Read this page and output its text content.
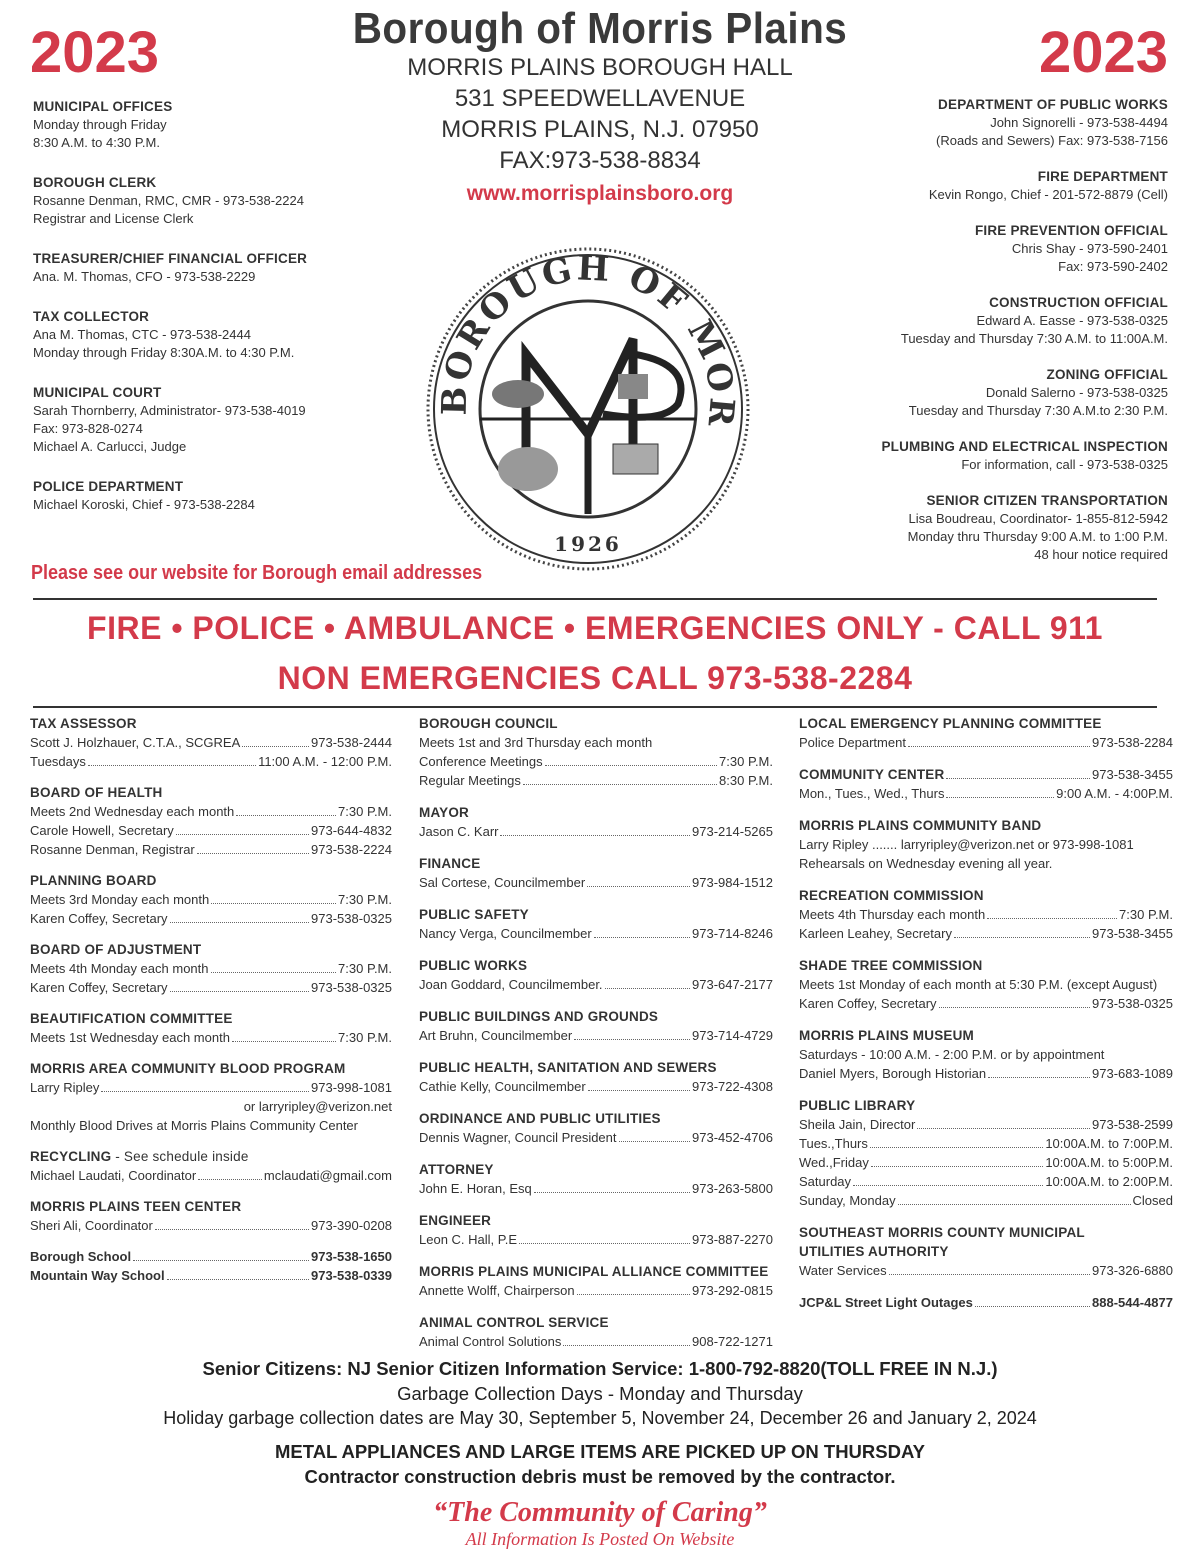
2023	2023
Borough of Morris Plains
MORRIS PLAINS BOROUGH HALL
531 SPEEDWELLAVENUE
MORRIS PLAINS, N.J. 07950
FAX:973-538-8834
www.morrisplainsboro.org
BOROUGH OF MOR
1926
MUNICIPAL OFFICES
Monday through Friday
8:30 A.M. to 4:30 P.M.
BOROUGH CLERK
Rosanne Denman, RMC, CMR - 973-538-2224
Registrar and License Clerk
TREASURER/CHIEF FINANCIAL OFFICER
Ana. M. Thomas, CFO - 973-538-2229
TAX COLLECTOR
Ana M. Thomas, CTC - 973-538-2444
Monday through Friday 8:30A.M. to 4:30 P.M.
MUNICIPAL COURT
Sarah Thornberry, Administrator- 973-538-4019
Fax: 973-828-0274
Michael A. Carlucci, Judge
POLICE DEPARTMENT
Michael Koroski, Chief - 973-538-2284
Please see our website for Borough email addresses
DEPARTMENT OF PUBLIC WORKS
John Signorelli - 973-538-4494
(Roads and Sewers) Fax: 973-538-7156
FIRE DEPARTMENT
Kevin Rongo, Chief - 201-572-8879 (Cell)
FIRE PREVENTION OFFICIAL
Chris Shay - 973-590-2401
Fax: 973-590-2402
CONSTRUCTION OFFICIAL
Edward A. Easse - 973-538-0325
Tuesday and Thursday 7:30 A.M. to 11:00A.M.
ZONING OFFICIAL
Donald Salerno - 973-538-0325
Tuesday and Thursday 7:30 A.M.to 2:30 P.M.
PLUMBING AND ELECTRICAL INSPECTION
For information, call - 973-538-0325
SENIOR CITIZEN TRANSPORTATION
Lisa Boudreau, Coordinator- 1-855-812-5942
Monday thru Thursday 9:00 A.M. to 1:00 P.M.
48 hour notice required
FIRE • POLICE • AMBULANCE • EMERGENCIES ONLY - CALL 911
NON EMERGENCIES CALL 973-538-2284
TAX ASSESSOR
Scott J. Holzhauer, C.T.A., SCGREA	973-538-2444
Tuesdays	11:00 A.M. - 12:00 P.M.
BOARD OF HEALTH
Meets 2nd Wednesday each month	7:30 P.M.
Carole Howell, Secretary	973-644-4832
Rosanne Denman, Registrar	973-538-2224
PLANNING BOARD
Meets 3rd Monday each month	7:30 P.M.
Karen Coffey, Secretary	973-538-0325
BOARD OF ADJUSTMENT
Meets 4th Monday each month	7:30 P.M.
Karen Coffey, Secretary	973-538-0325
BEAUTIFICATION COMMITTEE
Meets 1st Wednesday each month	7:30 P.M.
MORRIS AREA COMMUNITY BLOOD PROGRAM
Larry Ripley	973-998-1081
or larryripley@verizon.net
Monthly Blood Drives at Morris Plains Community Center
RECYCLING - See schedule inside
Michael Laudati, Coordinator	mclaudati@gmail.com
MORRIS PLAINS TEEN CENTER
Sheri Ali, Coordinator	973-390-0208
Borough School	973-538-1650
Mountain Way School	973-538-0339
BOROUGH COUNCIL
Meets 1st and 3rd Thursday each month
Conference Meetings	7:30 P.M.
Regular Meetings	8:30 P.M.
MAYOR
Jason C. Karr	973-214-5265
FINANCE
Sal Cortese, Councilmember	973-984-1512
PUBLIC SAFETY
Nancy Verga, Councilmember	973-714-8246
PUBLIC WORKS
Joan Goddard, Councilmember.	973-647-2177
PUBLIC BUILDINGS AND GROUNDS
Art Bruhn, Councilmember	973-714-4729
PUBLIC HEALTH, SANITATION AND SEWERS
Cathie Kelly, Councilmember	973-722-4308
ORDINANCE AND PUBLIC UTILITIES
Dennis Wagner, Council President	973-452-4706
ATTORNEY
John E. Horan, Esq	973-263-5800
ENGINEER
Leon C. Hall, P.E	973-887-2270
MORRIS PLAINS MUNICIPAL ALLIANCE COMMITTEE
Annette Wolff, Chairperson	973-292-0815
ANIMAL CONTROL SERVICE
Animal Control Solutions	908-722-1271
LOCAL EMERGENCY PLANNING COMMITTEE
Police Department	973-538-2284
COMMUNITY CENTER	973-538-3455
Mon., Tues., Wed., Thurs	9:00 A.M. - 4:00P.M.
MORRIS PLAINS COMMUNITY BAND
Larry Ripley ....... larryripley@verizon.net or 973-998-1081
Rehearsals on Wednesday evening all year.
RECREATION COMMISSION
Meets 4th Thursday each month	7:30 P.M.
Karleen Leahey, Secretary	973-538-3455
SHADE TREE COMMISSION
Meets 1st Monday of each month at 5:30 P.M. (except August)
Karen Coffey, Secretary	973-538-0325
MORRIS PLAINS MUSEUM
Saturdays - 10:00 A.M. - 2:00 P.M. or by appointment
Daniel Myers, Borough Historian	973-683-1089
PUBLIC LIBRARY
Sheila Jain, Director	973-538-2599
Tues.,Thurs	10:00A.M. to 7:00P.M.
Wed.,Friday	10:00A.M. to 5:00P.M.
Saturday	10:00A.M. to 2:00P.M.
Sunday, Monday	Closed
SOUTHEAST MORRIS COUNTY MUNICIPAL
UTILITIES AUTHORITY
Water Services	973-326-6880
JCP&L Street Light Outages	888-544-4877
Senior Citizens: NJ Senior Citizen Information Service: 1-800-792-8820(TOLL FREE IN N.J.)
Garbage Collection Days - Monday and Thursday
Holiday garbage collection dates are May 30, September 5, November 24, December 26 and January 2, 2024
METAL APPLIANCES AND LARGE ITEMS ARE PICKED UP ON THURSDAY
Contractor construction debris must be removed by the contractor.
“The Community of Caring”
All Information Is Posted On Website
